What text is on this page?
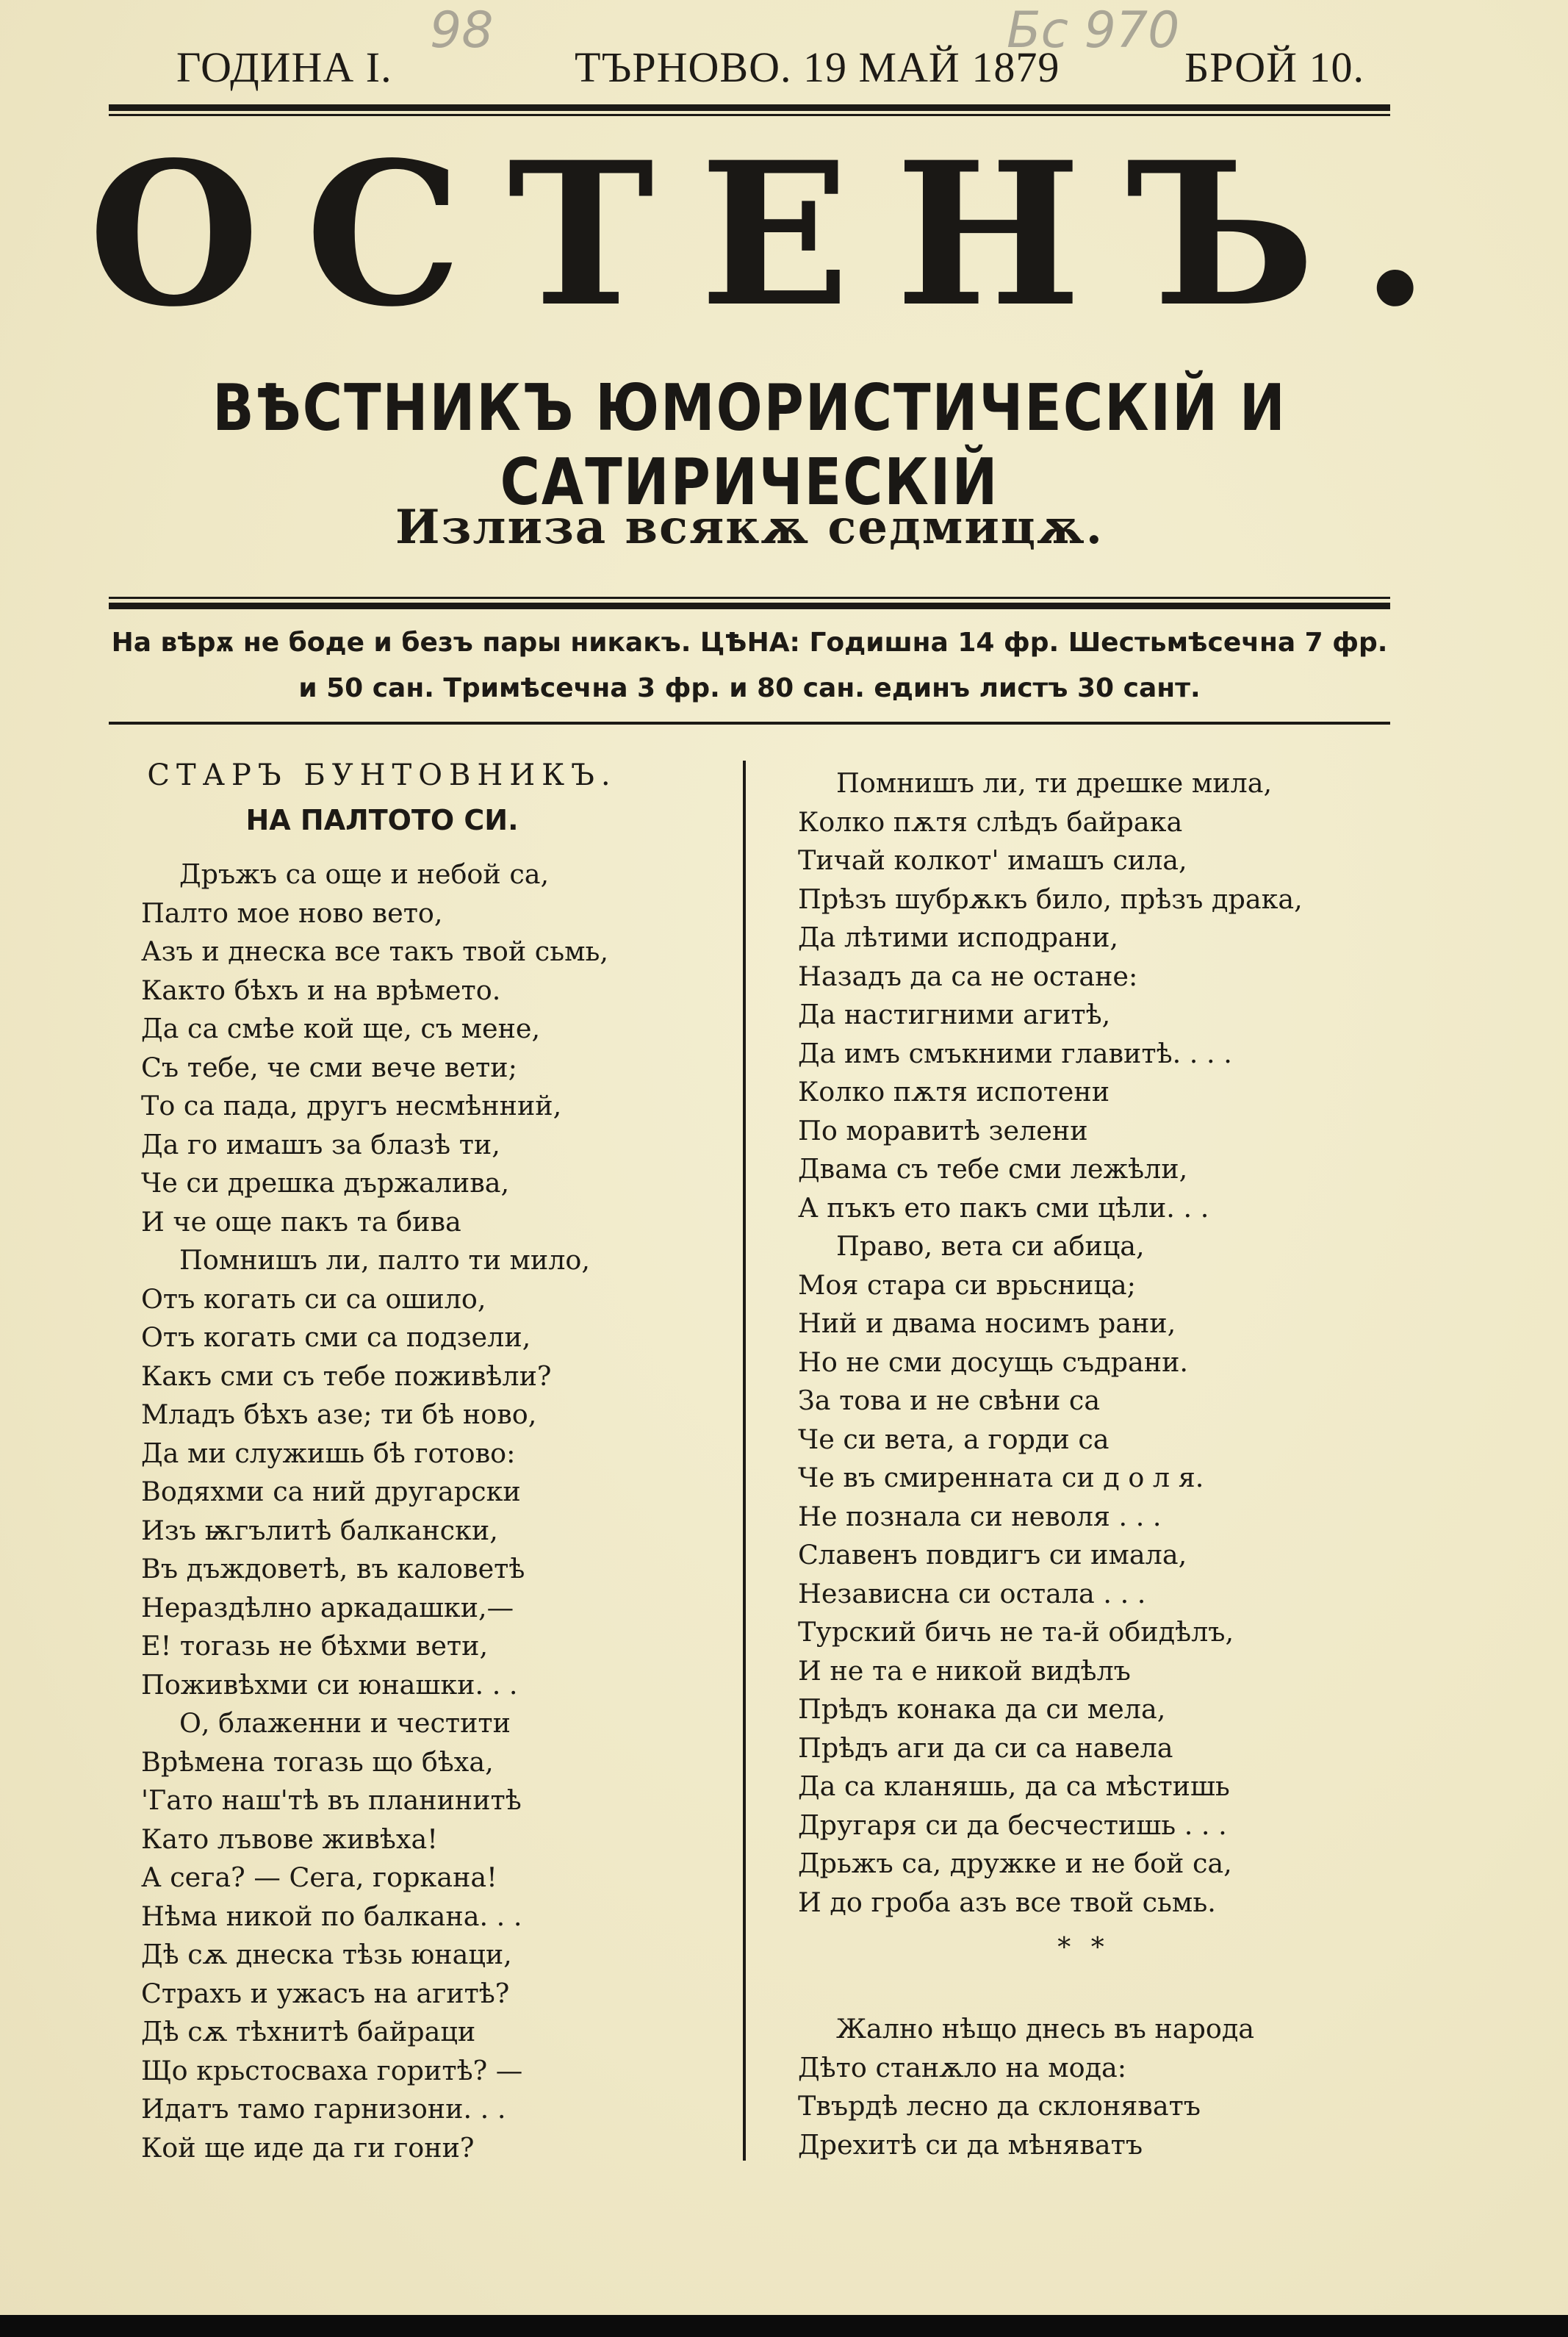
98	Бс 970
ГОДИНА I.	ТЪРНОВО. 19 МАЙ 1879	БРОЙ 10.
ОСТЕНЪ.
ВѢСТНИКЪ ЮМОРИСТИЧЕСКIЙ И САТИРИЧЕСКIЙ
Излиза всякѫ седмицѫ.
На вѣрѫ не боде и безъ пары никакъ. ЦѢНА: Годишна 14 фр. Шестьмѣсечна 7 фр.
и 50 сан. Тримѣсечна 3 фр. и 80 сан. единъ листъ 30 сант.
СТАРЪ БУНТОВНИКЪ.
НА ПАЛТОТО СИ.
Дръжъ са още и небой са,
Палто мое ново вето,
Азъ и днеска все такъ твой сьмь,
Както бѣхъ и на врѣмето.
Да са смѣе кой ще, съ мене,
Съ тебе, че сми вече вети;
То са пада, другъ несмѣнний,
Да го имашъ за блазѣ ти,
Че си дрешка държалива,
И че още пакъ та бива
Помнишъ ли, палто ти мило,
Отъ когать си са ошило,
Отъ когать сми са подзели,
Какъ сми съ тебе поживѣли?
Младъ бѣхъ азе; ти бѣ ново,
Да ми служишь бѣ готово:
Водяхми са ний другарски
Изъ ѭгълитѣ балкански,
Въ дъждоветѣ, въ каловетѣ
Нераздѣлно аркадашки,—
Е! тогазь не бѣхми вети,
Поживѣхми си юнашки. . .
О, блаженни и честити
Врѣмена тогазь що бѣха,
'Гато наш'тѣ въ планинитѣ
Като лъвове живѣха!
А сега? — Сега, горкана!
Нѣма никой по балкана. . .
Дѣ сѫ днеска тѣзь юнаци,
Страхъ и ужасъ на агитѣ?
Дѣ сѫ тѣхнитѣ байраци
Що крьстосваха горитѣ? —
Идатъ тамо гарнизони. . .
Кой ще иде да ги гони?
Помнишъ ли, ти дрешке мила,
Колко пѫтя слѣдъ байрака
Тичай колкот' имашъ сила,
Прѣзъ шубрѫкъ било, прѣзъ драка,
Да лѣтими исподрани,
Назадъ да са не остане:
Да настигними агитѣ,
Да имъ смъкними главитѣ. . . .
Колко пѫтя испотени
По моравитѣ зелени
Двама съ тебе сми лежѣли,
А пъкъ ето пакъ сми цѣли. . .
Право, вета си абица,
Моя стара си врьсница;
Ний и двама носимъ рани,
Но не сми досущь съдрани.
За това и не свѣни са
Че си вета, а горди са
Че въ смиренната си д о л я.
Не познала си неволя . . .
Славенъ повдигъ си имала,
Независна си остала . . .
Турский бичь не та-й обидѣлъ,
И не та е никой видѣлъ
Прѣдъ конака да си мела,
Прѣдъ аги да си са навела
Да са кланяшь, да са мѣстишь
Другаря си да бесчестишь . . .
Дрьжъ са, дружке и не бой са,
И до гроба азъ все твой сьмь.
* *
Жално нѣщо днесь въ народа
Дѣто станѫло на мода:
Твърдѣ лесно да склоняватъ
Дрехитѣ си да мѣняватъ
